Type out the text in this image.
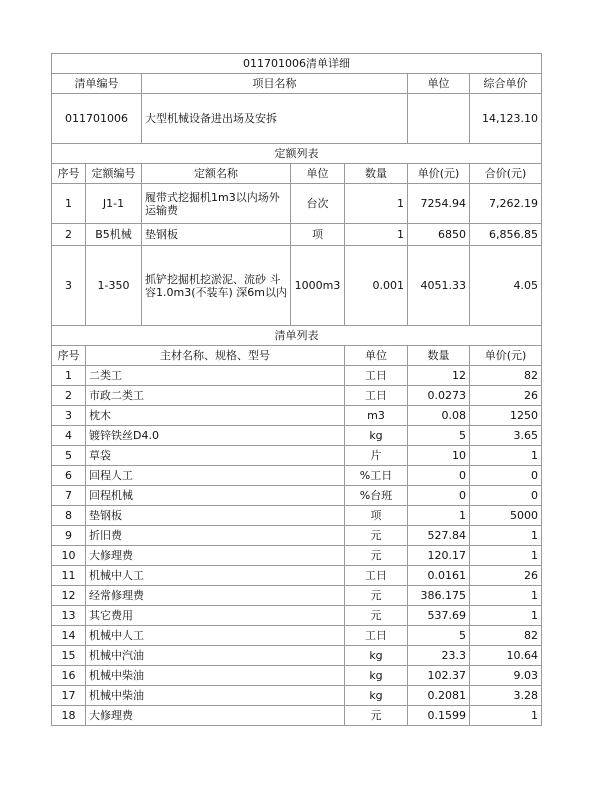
011701006清单详细							
清单编号		项目名称			单位	综合单价	
011701006		大型机械设备进出场及安拆				14,123.10	
定额列表							
序号	定额编号	定额名称	单位	数量	单价(元)	合价(元)	
1	J1-1	履带式挖掘机1m3以内场外运输费	台次	1	7254.94	7,262.19	
2	B5机械	垫钢板	项	1	6850	6,856.85	
3	1-350	抓铲挖掘机挖淤泥、流砂 斗容1.0m3(不装车) 深6m以内	1000m3	0.001	4051.33	4.05	
清单列表							
序号	主材名称、规格、型号			单位	数量	单价(元)	
1	二类工			工日	12	82	
2	市政二类工			工日	0.0273	26	
3	枕木			m3	0.08	1250	
4	镀锌铁丝D4.0			kg	5	3.65	
5	草袋			片	10	1	
6	回程人工			%工日	0	0	
7	回程机械			%台班	0	0	
8	垫钢板			项	1	5000	
9	折旧费			元	527.84	1	
10	大修理费			元	120.17	1	
11	机械中人工			工日	0.0161	26	
12	经常修理费			元	386.175	1	
13	其它费用			元	537.69	1	
14	机械中人工			工日	5	82	
15	机械中汽油			kg	23.3	10.64	
16	机械中柴油			kg	102.37	9.03	
17	机械中柴油			kg	0.2081	3.28	
18	大修理费			元	0.1599	1	
